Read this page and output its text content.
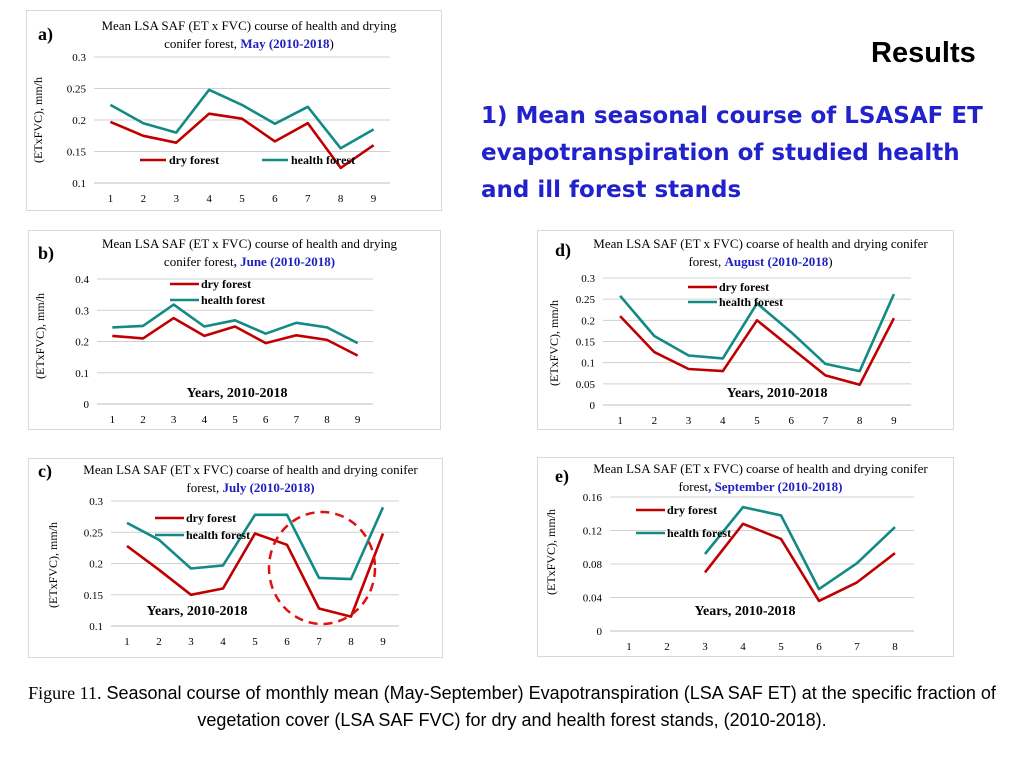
Results
1) Mean seasonal course of LSASAF ET evapotranspiration of studied health and ill forest stands
Figure 11. Seasonal course of monthly mean (May-September) Evapotranspiration (LSA SAF ET) at the specific fraction of vegetation cover (LSA SAF FVC) for dry and health forest stands, (2010-2018).
Mean LSA SAF (ET x FVC) course of health and drying conifer forest, May (2010-2018)
a)
Mean LSA SAF (ET x FVC) course of health and drying conifer forest, June (2010-2018)
b)
Mean LSA SAF (ET x FVC) coarse of health and drying conifer forest, July (2010-2018)
c)
Mean LSA SAF (ET x FVC) coarse of health and drying conifer forest, August (2010-2018)
d)
Mean LSA SAF (ET x FVC) coarse of health and drying conifer forest, September (2010-2018)
e)
0.1
0.15
0.2
0.25
0.3
1 2 3 4 5 6 7 8 9
(ETxFVC), mm/h	dry forest	health forest
0
0.1
0.2
0.3
0.4
1 2 3 4 5 6 7 8 9
(ETxFVC), mm/h
Years, 2010-2018
dry forest
health forest
0.1
0.15
0.2
0.25
0.3
1 2 3 4 5 6 7 8 9
(ETxFVC), mm/h
Years, 2010-2018
dry forest
health forest
0
0.05
0.1
0.15
0.2
0.25
0.3
1	2	3	4	5	6	7	8	9
(ETxFVC), mm/h
Years, 2010-2018
dry forest
health forest
0
0.04
0.08
0.12
0.16
1	2	3	4	5	6	7	8
(ETxFVC), mm/h
Years, 2010-2018
dry forest
health forest
